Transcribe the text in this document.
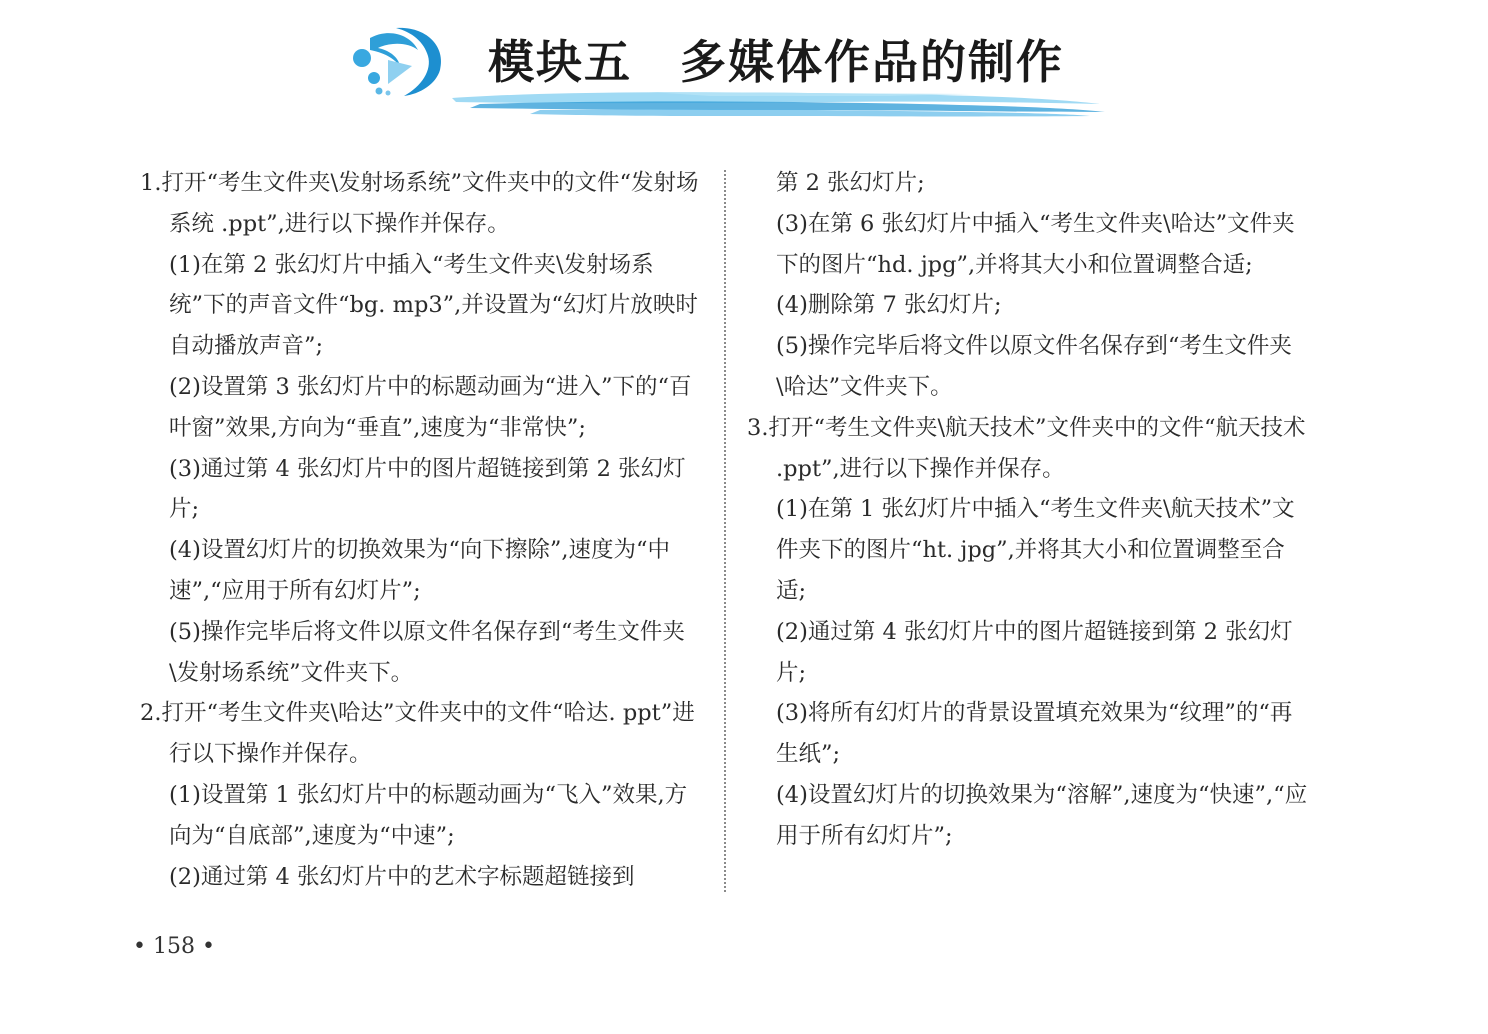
模块五　多媒体作品的制作

1.打开“考生文件夹\发射场系统”文件夹中的文件“发射场系统 .ppt”,进行以下操作并保存。

(1)在第 2 张幻灯片中插入“考生文件夹\发射场系统”下的声音文件“bg. mp3”,并设置为“幻灯片放映时自动播放声音”;

(2)设置第 3 张幻灯片中的标题动画为“进入”下的“百叶窗”效果,方向为“垂直”,速度为“非常快”;

(3)通过第 4 张幻灯片中的图片超链接到第 2 张幻灯片;

(4)设置幻灯片的切换效果为“向下擦除”,速度为“中速”,“应用于所有幻灯片”;

(5)操作完毕后将文件以原文件名保存到“考生文件夹\发射场系统”文件夹下。

2.打开“考生文件夹\哈达”文件夹中的文件“哈达. ppt”进行以下操作并保存。

(1)设置第 1 张幻灯片中的标题动画为“飞入”效果,方向为“自底部”,速度为“中速”;

(2)通过第 4 张幻灯片中的艺术字标题超链接到

第 2 张幻灯片;

(3)在第 6 张幻灯片中插入“考生文件夹\哈达”文件夹下的图片“hd. jpg”,并将其大小和位置调整合适;

(4)删除第 7 张幻灯片;

(5)操作完毕后将文件以原文件名保存到“考生文件夹\哈达”文件夹下。

3.打开“考生文件夹\航天技术”文件夹中的文件“航天技术 .ppt”,进行以下操作并保存。

(1)在第 1 张幻灯片中插入“考生文件夹\航天技术”文件夹下的图片“ht. jpg”,并将其大小和位置调整至合适;

(2)通过第 4 张幻灯片中的图片超链接到第 2 张幻灯片;

(3)将所有幻灯片的背景设置填充效果为“纹理”的“再生纸”;

(4)设置幻灯片的切换效果为“溶解”,速度为“快速”,“应用于所有幻灯片”;

• 158 •
